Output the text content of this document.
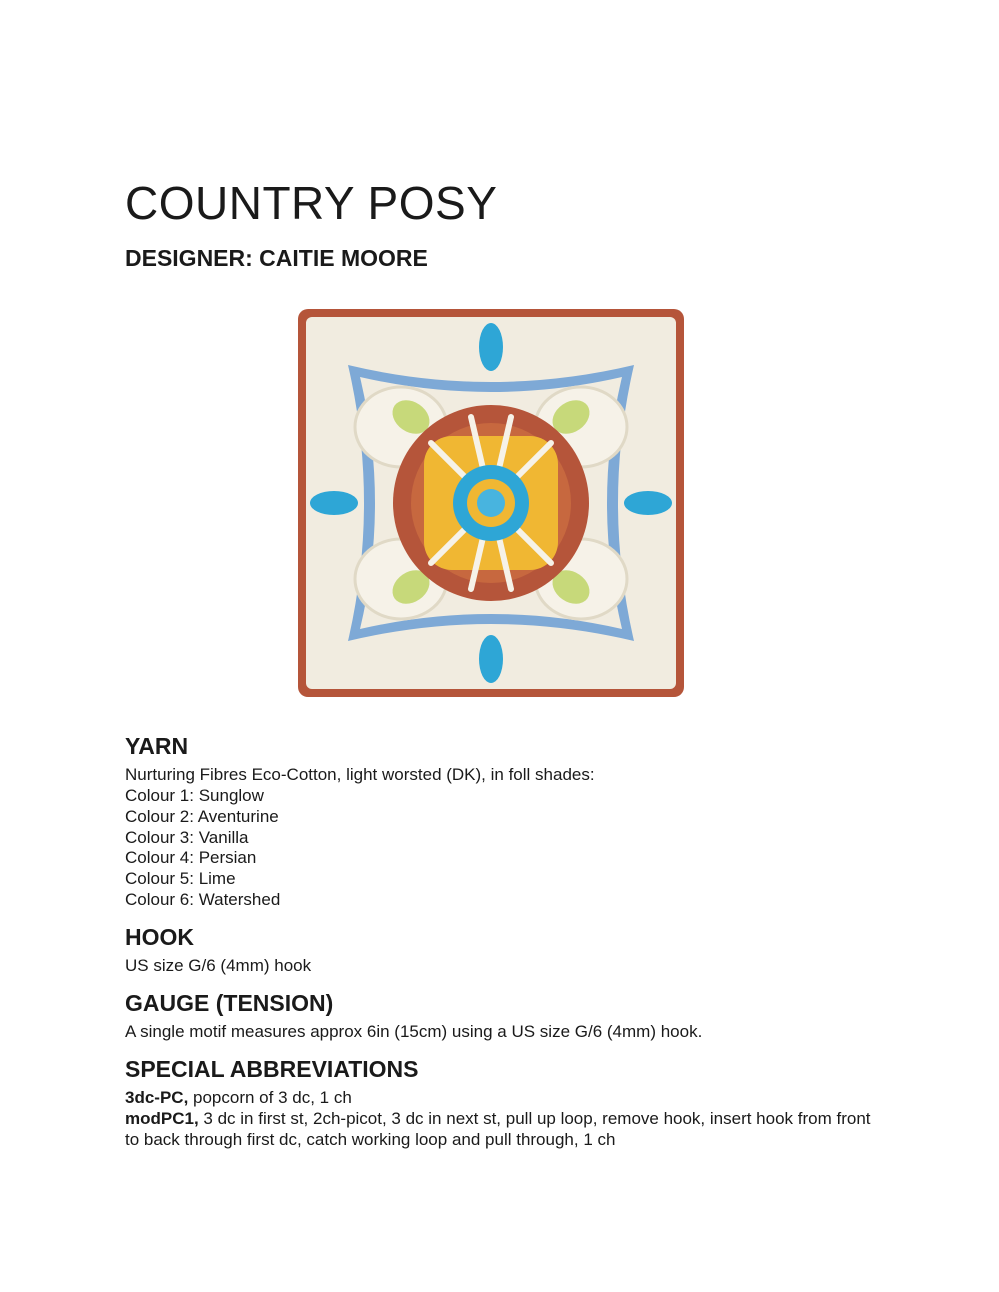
COUNTRY POSY
DESIGNER: CAITIE MOORE
YARN

Nurturing Fibres Eco-Cotton, light worsted (DK), in foll shades:

Colour 1: Sunglow

Colour 2: Aventurine

Colour 3: Vanilla

Colour 4: Persian

Colour 5: Lime

Colour 6: Watershed

HOOK

US size G/6 (4mm) hook

GAUGE (TENSION)

A single motif measures approx 6in (15cm) using a US size G/6 (4mm) hook.

SPECIAL ABBREVIATIONS

3dc-PC, popcorn of 3 dc, 1 ch

modPC1, 3 dc in first st, 2ch-picot, 3 dc in next st, pull up loop, remove hook, insert hook from front to back through first dc, catch working loop and pull through, 1 ch
